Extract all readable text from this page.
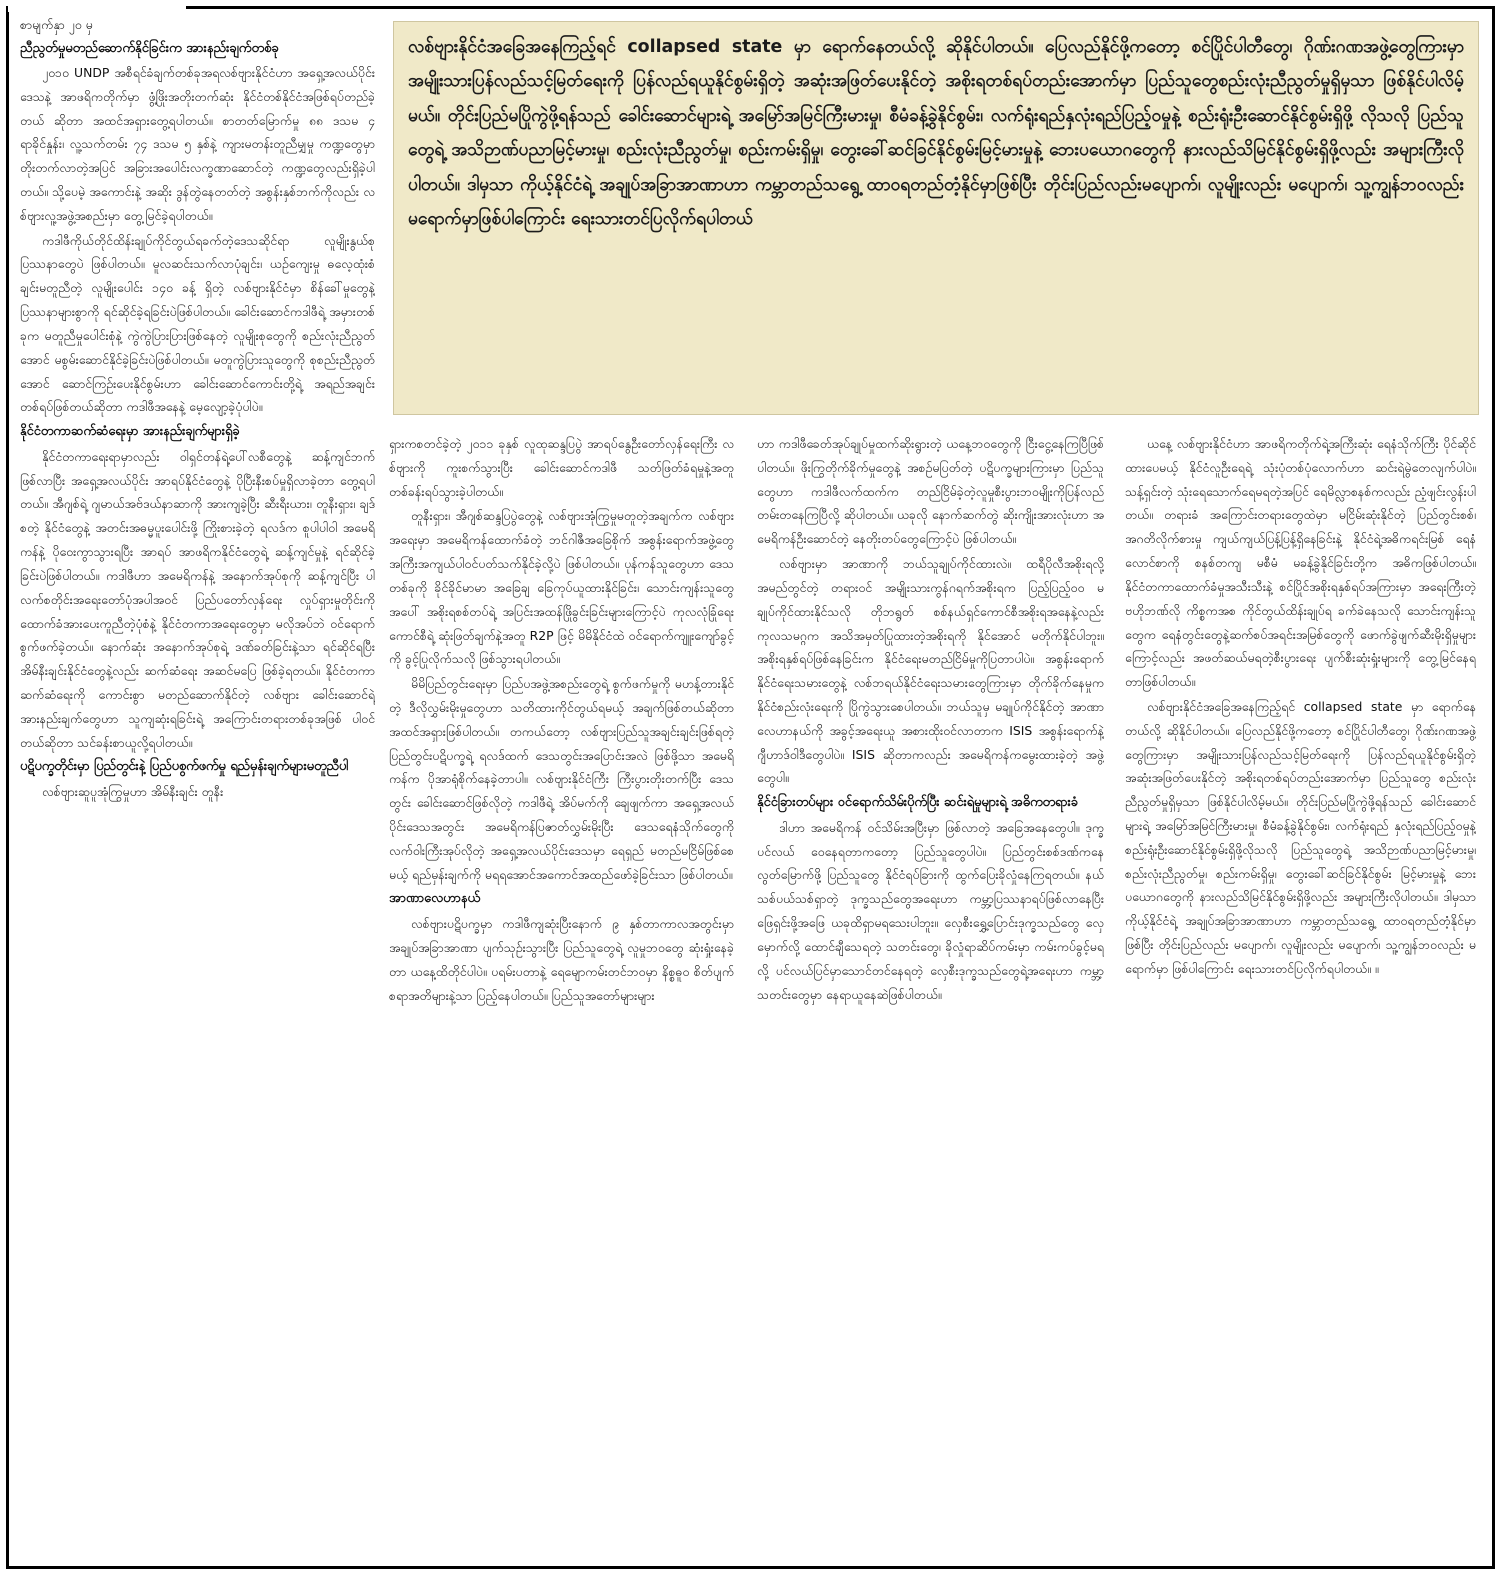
စာမျက်နှာ ၂၀ မှ
ညီညွတ်မှုမတည်ဆောက်နိုင်ခြင်းက အားနည်းချက်တစ်ခု

၂၀၁၀ UNDP အစီရင်ခံချက်တစ်ခုအရလစ်ဗျားနိုင်ငံဟာ အရှေ့အလယ်ပိုင်းဒေသနဲ့ အာဖရိကတိုက်မှာ ဖွံ့ဖြိုးအတိုးတက်ဆုံး နိုင်ငံတစ်နိုင်ငံအဖြစ်ရပ်တည်ခဲ့တယ် ဆိုတာ အထင်အရှားတွေ့ရပါတယ်။ စာတတ်မြောက်မှု ၈၈ ဒသမ ၄ ရာခိုင်နှုန်း၊ လူ့သက်တမ်း ၇၄ ဒသမ ၅ နှစ်နဲ့ ကျားမတန်းတူညီမျှမှု ကဏ္ဍတွေမှာ တိုးတက်လာတဲ့အပြင် အခြားအပေါင်းလက္ခဏာဆောင်တဲ့ ကဏ္ဍတွေလည်းရှိခဲ့ပါတယ်။ သို့ပေမဲ့ အကောင်းနဲ့ အဆိုး ဒွန်တွဲနေတတ်တဲ့ အစွန်းနှစ်ဘက်ကိုလည်း လစ်ဗျားလူ့အဖွဲ့အစည်းမှာ တွေ့မြင်ခဲ့ရပါတယ်။

ကဒါဖီကိုယ်တိုင်ထိန်းချုပ်ကိုင်တွယ်ရခက်တဲ့ဒေသဆိုင်ရာ လူမျိုးနွယ်စုပြဿနာတွေပဲ ဖြစ်ပါတယ်။ မူလဆင်းသက်လာပုံချင်း၊ ယဉ်ကျေးမှု ဓလေ့ထုံးစံချင်းမတူညီတဲ့ လူမျိုးပေါင်း ၁၄၀ ခန့် ရှိတဲ့ လစ်ဗျားနိုင်ငံမှာ စိန်ခေါ်မှုတွေနဲ့ ပြဿနာများစွာကို ရင်ဆိုင်ခဲ့ရခြင်းပဲဖြစ်ပါတယ်။ ခေါင်းဆောင်ကဒါဖီရဲ့ အမှားတစ်ခုက မတူညီမှုပေါင်းစုံနဲ့ ကွဲကွဲပြားပြားဖြစ်နေတဲ့ လူမျိုးစုတွေကို စည်းလုံးညီညွတ်အောင် မစွမ်းဆောင်နိုင်ခဲ့ခြင်းပဲဖြစ်ပါတယ်။ မတူကွဲပြားသူတွေကို စုစည်းညီညွတ်အောင် ဆောင်ကြဉ်းပေးနိုင်စွမ်းဟာ ခေါင်းဆောင်ကောင်းတို့ရဲ့ အရည်အချင်းတစ်ရပ်ဖြစ်တယ်ဆိုတာ ကဒါဖီအနေနဲ့ မေ့လျော့ခဲ့ပုံပါပဲ။

နိုင်ငံတကာဆက်ဆံရေးမှာ အားနည်းချက်များရှိခဲ့

နိုင်ငံတကာရေးရာမှာလည်း ဝါရှင်တန်ရဲ့ပေါ်လစီတွေနဲ့ ဆန့်ကျင်ဘက်ဖြစ်လာပြီး အရှေ့အလယ်ပိုင်း အာရပ်နိုင်ငံတွေနဲ့ ပိုပြီးနီးစပ်မှုရှိလာခဲ့တာ တွေ့ရပါတယ်။ အီဂျစ်ရဲ့ ဂျမာယ်အဗ်ဒယ်နာဆာကို အားကျခဲ့ပြီး ဆီးရီးယား၊ တူနီးရှား၊ ချဒ်စတဲ့ နိုင်ငံတွေနဲ့ အတင်းအဓမ္မပူးပေါင်းဖို့ ကြိုးစားခဲ့တဲ့ ရလဒ်က စူပါပါဝါ အမေရိကန်နဲ့ ပိုဝေးကွာသွားရပြီး အာရပ် အာဖရိကနိုင်ငံတွေရဲ့ ဆန့်ကျင်မှုနဲ့ ရင်ဆိုင်ခဲ့ခြင်းပဲဖြစ်ပါတယ်။ ကဒါဖီဟာ အမေရိကန်နဲ့ အနောက်အုပ်စုကို ဆန့်ကျင်ပြီး ပါလက်စတိုင်းအရေးတော်ပုံအပါအဝင် ပြည်ပတော်လှန်ရေး လှုပ်ရှားမှုတိုင်းကို ထောက်ခံအားပေးကူညီတဲ့ပုံစံနဲ့ နိုင်ငံတကာအရေးတွေမှာ မလိုအပ်ဘဲ ဝင်ရောက်စွက်ဖက်ခဲ့တယ်။ နောက်ဆုံး အနောက်အုပ်စုရဲ့ ဒဏ်ခတ်ခြင်းနဲ့သာ ရင်ဆိုင်ရပြီး အိမ်နီးချင်းနိုင်ငံတွေနဲ့လည်း ဆက်ဆံရေး အဆင်မပြေ ဖြစ်ခဲ့ရတယ်။ နိုင်ငံတကာဆက်ဆံရေးကို ကောင်းစွာ မတည်ဆောက်နိုင်တဲ့ လစ်ဗျား ခေါင်းဆောင်ရဲ့ အားနည်းချက်တွေဟာ သူကျဆုံးရခြင်းရဲ့ အကြောင်းတရားတစ်ခုအဖြစ် ပါဝင်တယ်ဆိုတာ သင်ခန်းစာယူလို့ရပါတယ်။

ပဋိပက္ခတိုင်းမှာ ပြည်တွင်းနဲ့ ပြည်ပစွက်ဖက်မှု ရည်မှန်းချက်များမတူညီပါ

လစ်ဗျားဆူပူအုံကြွမှုဟာ အိမ်နီးချင်း တူနီး

လစ်ဗျားနိုင်ငံအခြေအနေကြည့်ရင် collapsed state မှာ ရောက်နေတယ်လို့ ဆိုနိုင်ပါတယ်။ ပြေလည်နိုင်ဖို့ကတော့ စင်ပြိုင်ပါတီတွေ၊ ဂိုဏ်းဂဏအဖွဲ့တွေကြားမှာ အမျိုးသားပြန်လည်သင့်မြတ်ရေးကို ပြန်လည်ရယူနိုင်စွမ်းရှိတဲ့ အဆုံးအဖြတ်ပေးနိုင်တဲ့ အစိုးရတစ်ရပ်တည်းအောက်မှာ ပြည်သူတွေစည်းလုံးညီညွတ်မှုရှိမှသာ ဖြစ်နိုင်ပါလိမ့်မယ်။ တိုင်းပြည်မပြိုကွဲဖို့ရန်သည် ခေါင်းဆောင်များရဲ့ အမြော်အမြင်ကြီးမားမှု၊ စီမံခန့်ခွဲနိုင်စွမ်း၊ လက်ရုံးရည်နှလုံးရည်ပြည့်ဝမှုနဲ့ စည်းရုံးဦးဆောင်နိုင်စွမ်းရှိဖို့ လိုသလို ပြည်သူတွေရဲ့ အသိဉာဏ်ပညာမြင့်မားမှု၊ စည်းလုံးညီညွတ်မှု၊ စည်းကမ်းရှိမှု၊ တွေးခေါ်ဆင်ခြင်နိုင်စွမ်းမြင့်မားမှုနဲ့ ဘေးပယောဂတွေကို နားလည်သိမြင်နိုင်စွမ်းရှိဖို့လည်း အများကြီးလိုပါတယ်။ ဒါမှသာ ကိုယ့်နိုင်ငံရဲ့ အချုပ်အခြာအာဏာဟာ ကမ္ဘာတည်သရွေ့ ထာဝရတည်တံ့နိုင်မှာဖြစ်ပြီး တိုင်းပြည်လည်းမပျောက်၊ လူမျိုးလည်း မပျောက်၊ သူ့ကျွန်ဘဝလည်း မရောက်မှာဖြစ်ပါကြောင်း ရေးသားတင်ပြလိုက်ရပါတယ်

ရှားကစတင်ခဲ့တဲ့ ၂၀၁၁ ခုနှစ် လူထုဆန္ဒပြပွဲ အာရပ်နွေဦးတော်လှန်ရေးကြီး လစ်ဗျားကို ကူးစက်သွားပြီး ခေါင်းဆောင်ကဒါဖီ သတ်ဖြတ်ခံရမှုနဲ့အတူ တစ်ခန်းရပ်သွားခဲ့ပါတယ်။

တူနီးရှား၊ အီဂျစ်ဆန္ဒပြပွဲတွေနဲ့ လစ်ဗျားအုံကြွမှုမတူတဲ့အချက်က လစ်ဗျားအရေးမှာ အမေရိကန်ထောက်ခံတဲ့ ဘင်ဂါဇီအခြေစိုက် အစွန်းရောက်အဖွဲ့တွေ အကြီးအကျယ်ပါဝင်ပတ်သက်နိုင်ခဲ့လို့ပဲ ဖြစ်ပါတယ်။ ပုန်ကန်သူတွေဟာ ဒေသတစ်ခုကို ခိုင်ခိုင်မာမာ အခြေချ ခြေကုပ်ယူထားနိုင်ခြင်း၊ သောင်းကျန်းသူတွေအပေါ် အစိုးရစစ်တပ်ရဲ့ အပြင်းအထန်ဖြိုခွင်းခြင်းများကြောင့်ပဲ ကုလလုံခြုံရေးကောင်စီရဲ့ ဆုံးဖြတ်ချက်နဲ့အတူ R2P ဖြင့် မိမိနိုင်ငံထဲ ဝင်ရောက်ကျူးကျော်ခွင့်ကို ခွင့်ပြုလိုက်သလို ဖြစ်သွားရပါတယ်။

မိမိပြည်တွင်းရေးမှာ ပြည်ပအဖွဲ့အစည်းတွေရဲ့ စွက်ဖက်မှုကို မဟန့်တားနိုင်တဲ့ ဒီလိုလွှမ်းမိုးမှုတွေဟာ သတိထားကိုင်တွယ်ရမယ့် အချက်ဖြစ်တယ်ဆိုတာ အထင်အရှားဖြစ်ပါတယ်။ တကယ်တော့ လစ်ဗျားပြည်သူအချင်းချင်းဖြစ်ရတဲ့ ပြည်တွင်းပဋိပက္ခရဲ့ ရလဒ်ထက် ဒေသတွင်းအပြောင်းအလဲ ဖြစ်ဖို့သာ အမေရိကန်က ပိုအာရုံစိုက်နေခဲ့တာပါ။ လစ်ဗျားနိုင်ငံကြီး ကြီးပွားတိုးတက်ပြီး ဒေသတွင်း ခေါင်းဆောင်ဖြစ်လိုတဲ့ ကဒါဖီရဲ့ အိပ်မက်ကို ချေဖျက်ကာ အရှေ့အလယ်ပိုင်းဒေသအတွင်း အမေရိကန်ပြဇာတ်လွှမ်းမိုးပြီး ဒေသရေနံသိုက်တွေကို လက်ဝါးကြီးအုပ်လိုတဲ့ အရှေ့အလယ်ပိုင်းဒေသမှာ ရေရှည် မတည်မငြိမ်ဖြစ်စေမယ့် ရည်မှန်းချက်ကို မရရအောင်အကောင်အထည်ဖော်ခဲ့ခြင်းသာ ဖြစ်ပါတယ်။

အာဏာလေဟာနယ်

လစ်ဗျားပဋိပက္ခမှာ ကဒါဖီကျဆုံးပြီးနောက် ၉ နှစ်တာကာလအတွင်းမှာ အချုပ်အခြာအာဏာ ပျက်သုဉ်းသွားပြီး ပြည်သူတွေရဲ့ လူမှုဘဝတွေ ဆုံးရှုံးနေခဲ့တာ ယနေ့ထိတိုင်ပါပဲ။ ပရမ်းပတာနဲ့ ရေမျောကမ်းတင်ဘဝမှာ နိစ္စဓူဝ စိတ်ပျက်စရာအတိများနဲ့သာ ပြည့်နေပါတယ်။ ပြည်သူအတော်များများ

ဟာ ကဒါဖီခေတ်အုပ်ချုပ်မှုထက်ဆိုးရွားတဲ့ ယနေ့ဘဝတွေကို ငြီးငွေ့နေကြပြီဖြစ်ပါတယ်။ ဖိုးကြွတိုက်ခိုက်မှုတွေနဲ့ အစဉ်မပြတ်တဲ့ ပဋိပက္ခများကြားမှာ ပြည်သူတွေဟာ ကဒါဖီလက်ထက်က တည်ငြိမ်ခဲ့တဲ့လူမှုစီးပွားဘဝမျိုးကိုပြန်လည်တမ်းတနေကြပြီလို့ ဆိုပါတယ်။ ယခုလို နောက်ဆက်တွဲ ဆိုးကျိုးအားလုံးဟာ အမေရိကန်ဦးဆောင်တဲ့ နေတိုးတပ်တွေကြောင့်ပဲ ဖြစ်ပါတယ်။

လစ်ဗျားမှာ အာဏာကို ဘယ်သူချုပ်ကိုင်ထားလဲ။ ထရီပိုလီအစိုးရလို့အမည်တွင်တဲ့ တရားဝင် အမျိုးသားကွန်ဂရက်အစိုးရက ပြည့်ပြည့်ဝဝ မချုပ်ကိုင်ထားနိုင်သလို တိုဘရွတ် စစ်နယ်ရှင်ကောင်စီအစိုးရအနေနဲ့လည်း ကုလသမဂ္ဂက အသိအမှတ်ပြုထားတဲ့အစိုးရကို နိုင်အောင် မတိုက်နိုင်ပါဘူး။ အစိုးရနှစ်ရပ်ဖြစ်နေခြင်းက နိုင်ငံရေးမတည်ငြိမ်မှုကိုပြတာပါပဲ။ အစွန်းရောက်နိုင်ငံရေးသမားတွေနဲ့ လစ်ဘရယ်နိုင်ငံရေးသမားတွေကြားမှာ တိုက်ခိုက်နေမှုက နိုင်ငံစည်းလုံးရေးကို ပြိုကွဲသွားစေပါတယ်။ ဘယ်သူမှ မချုပ်ကိုင်နိုင်တဲ့ အာဏာလေဟာနယ်ကို အခွင့်အရေးယူ အစားထိုးဝင်လာတာက ISIS အစွန်းရောက်နဲ့ ဂျီဟာဒ်ဝါဒီတွေပါပဲ။ ISIS ဆိုတာကလည်း အမေရိကန်ကမွေးထားခဲ့တဲ့ အဖွဲ့တွေပါ။

နိုင်ငံခြားတပ်များ ဝင်ရောက်သိမ်းပိုက်ပြီး ဆင်းရဲမှုများရဲ့ အဓိကတရားခံ

ဒါဟာ အမေရိကန် ဝင်သိမ်းအပြီးမှာ ဖြစ်လာတဲ့ အခြေအနေတွေပါ။ ဒုက္ခပင်လယ် ဝေနေရတာကတော့ ပြည်သူတွေပါပဲ။ ပြည်တွင်းစစ်ဒဏ်ကနေ လွတ်မြောက်ဖို့ ပြည်သူတွေ နိုင်ငံရပ်ခြားကို ထွက်ပြေးခိုလှုံနေကြရတယ်။ နယ်သစ်ပယ်သစ်ရှာတဲ့ ဒုက္ခသည်တွေအရေးဟာ ကမ္ဘာ့ပြဿနာရပ်ဖြစ်လာနေပြီး ဖြေရှင်းဖို့အဖြေ ယခုထိရှာမရသေးပါဘူး။ လှေစီးရွှေ့ပြောင်းဒုက္ခသည်တွေ လှေမှောက်လို့ ထောင်ချီသေရတဲ့ သတင်းတွေ၊ ခိုလှုံရာဆိပ်ကမ်းမှာ ကမ်းကပ်ခွင့်မရလို့ ပင်လယ်ပြင်မှာသောင်တင်နေရတဲ့ လှေစီးဒုက္ခသည်တွေရဲ့အရေးဟာ ကမ္ဘာ့သတင်းတွေမှာ နေရာယူနေဆဲဖြစ်ပါတယ်။

ယနေ့ လစ်ဗျားနိုင်ငံဟာ အာဖရိကတိုက်ရဲ့အကြီးဆုံး ရေနံသိုက်ကြီး ပိုင်ဆိုင်ထားပေမယ့် နိုင်ငံလူဦးရေရဲ့ သုံးပုံတစ်ပုံလောက်ဟာ ဆင်းရဲမွဲတေလျက်ပါပဲ။ သန့်ရှင်းတဲ့ သုံးရေသောက်ရေမရတဲ့အပြင် ရေမိလ္လာစနစ်ကလည်း ညံ့ဖျင်းလွန်းပါတယ်။ တရားခံ အကြောင်းတရားတွေထဲမှာ မငြိမ်းဆုံးနိုင်တဲ့ ပြည်တွင်းစစ်၊ အဂတိလိုက်စားမှု ကျယ်ကျယ်ပြန့်ပြန့်ရှိနေခြင်းနဲ့ နိုင်ငံရဲ့အဓိကရင်းမြစ် ရေနံလောင်စာကို စနစ်တကျ မစီမံ မခန့်ခွဲနိုင်ခြင်းတို့က အဓိကဖြစ်ပါတယ်။ နိုင်ငံတကာထောက်ခံမှုအသီးသီးနဲ့ စင်ပြိုင်အစိုးရနှစ်ရပ်အကြားမှာ အရေးကြီးတဲ့ ဗဟိုဘဏ်လို ကိစ္စကအစ ကိုင်တွယ်ထိန်းချုပ်ရ ခက်ခဲနေသလို သောင်းကျန်းသူတွေက ရေနံတွင်းတွေနဲ့ဆက်စပ်အရင်းအမြစ်တွေကို ဖောက်ခွဲဖျက်ဆီးမိုးရှိမှုများကြောင့်လည်း အဖတ်ဆယ်မရတဲ့စီးပွားရေး ပျက်စီးဆုံးရှုံးများကို တွေ့မြင်နေရတာဖြစ်ပါတယ်။

လစ်ဗျားနိုင်ငံအခြေအနေကြည့်ရင် collapsed state မှာ ရောက်နေတယ်လို့ ဆိုနိုင်ပါတယ်။ ပြေလည်နိုင်ဖို့ကတော့ စင်ပြိုင်ပါတီတွေ၊ ဂိုဏ်းဂဏအဖွဲ့တွေကြားမှာ အမျိုးသားပြန်လည်သင့်မြတ်ရေးကို ပြန်လည်ရယူနိုင်စွမ်းရှိတဲ့ အဆုံးအဖြတ်ပေးနိုင်တဲ့ အစိုးရတစ်ရပ်တည်းအောက်မှာ ပြည်သူတွေ စည်းလုံးညီညွတ်မှုရှိမှသာ ဖြစ်နိုင်ပါလိမ့်မယ်။ တိုင်းပြည်မပြိုကွဲဖို့ရန်သည် ခေါင်းဆောင်များရဲ့ အမြော်အမြင်ကြီးမားမှု၊ စီမံခန့်ခွဲနိုင်စွမ်း၊ လက်ရုံးရည် နှလုံးရည်ပြည့်ဝမှုနဲ့ စည်းရုံးဦးဆောင်နိုင်စွမ်းရှိဖို့လိုသလို ပြည်သူတွေရဲ့ အသိဉာဏ်ပညာမြင့်မားမှု၊ စည်းလုံးညီညွတ်မှု၊ စည်းကမ်းရှိမှု၊ တွေးခေါ်ဆင်ခြင်နိုင်စွမ်း မြင့်မားမှုနဲ့ ဘေးပယောဂတွေကို နားလည်သိမြင်နိုင်စွမ်းရှိဖို့လည်း အများကြီးလိုပါတယ်။ ဒါမှသာ ကိုယ့်နိုင်ငံရဲ့ အချုပ်အခြာအာဏာဟာ ကမ္ဘာတည်သရွေ့ ထာဝရတည်တံ့နိုင်မှာဖြစ်ပြီး တိုင်းပြည်လည်း မပျောက်၊ လူမျိုးလည်း မပျောက်၊ သူ့ကျွန်ဘဝလည်း မရောက်မှာ ဖြစ်ပါကြောင်း ရေးသားတင်ပြလိုက်ရပါတယ်။ ။
